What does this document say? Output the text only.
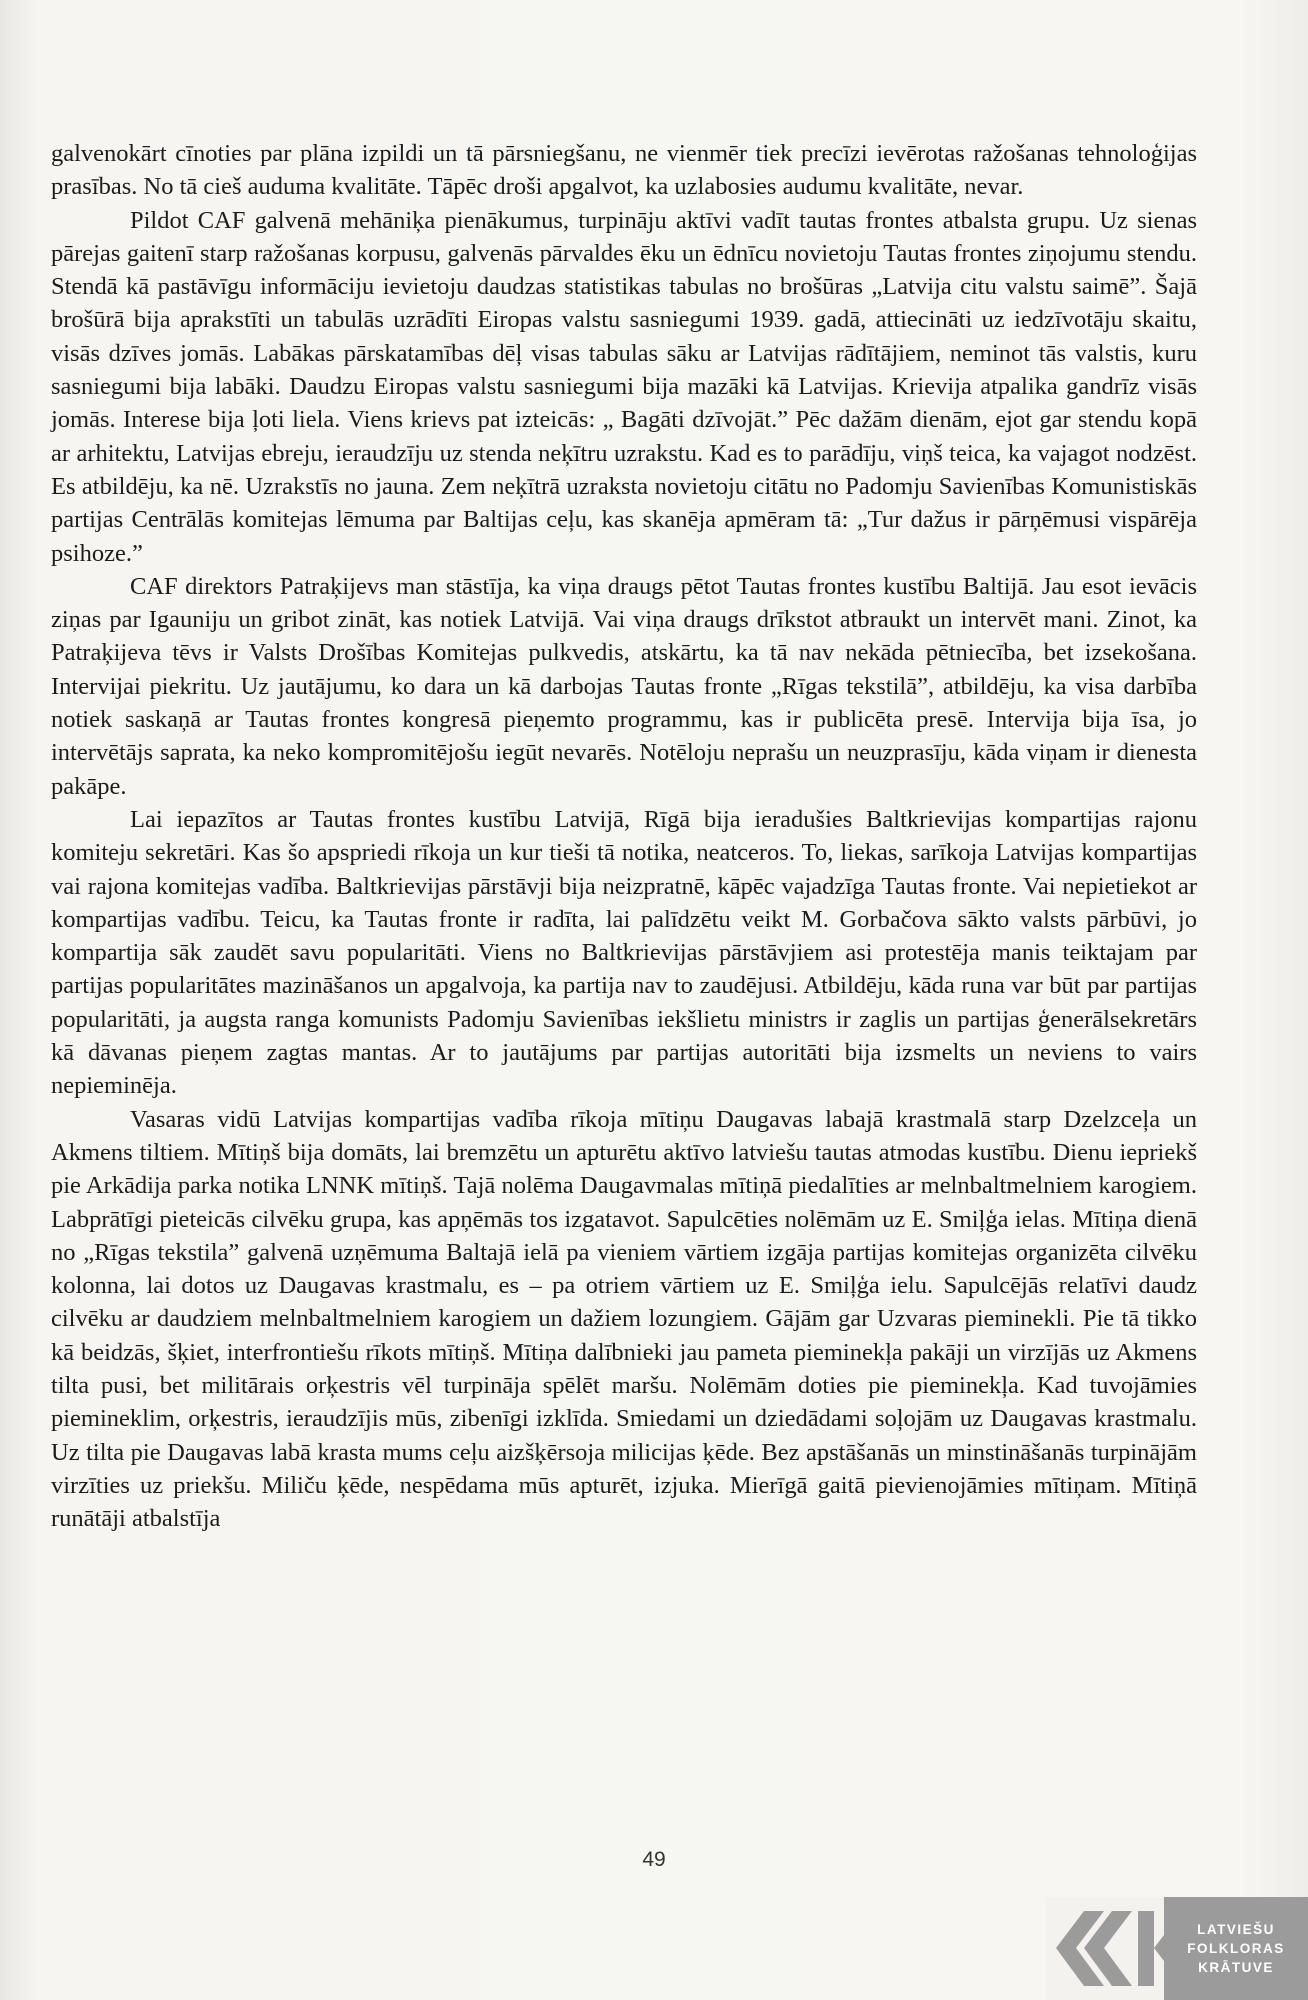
galvenokārt cīnoties par plāna izpildi un tā pārsniegšanu, ne vienmēr tiek precīzi ievērotas ražošanas tehnoloģijas prasības. No tā cieš auduma kvalitāte. Tāpēc droši apgalvot, ka uzlabosies audumu kvalitāte, nevar.

Pildot CAF galvenā mehāniķa pienākumus, turpināju aktīvi vadīt tautas frontes atbalsta grupu. Uz sienas pārejas gaitenī starp ražošanas korpusu, galvenās pārvaldes ēku un ēdnīcu novietoju Tautas frontes ziņojumu stendu. Stendā kā pastāvīgu informāciju ievietoju daudzas statistikas tabulas no brošūras „Latvija citu valstu saimē”. Šajā brošūrā bija aprakstīti un tabulās uzrādīti Eiropas valstu sasniegumi 1939. gadā, attiecināti uz iedzīvotāju skaitu, visās dzīves jomās. Labākas pārskatamības dēļ visas tabulas sāku ar Latvijas rādītājiem, neminot tās valstis, kuru sasniegumi bija labāki. Daudzu Eiropas valstu sasniegumi bija mazāki kā Latvijas. Krievija atpalika gandrīz visās jomās. Interese bija ļoti liela. Viens krievs pat izteicās: „ Bagāti dzīvojāt.” Pēc dažām dienām, ejot gar stendu kopā ar arhitektu, Latvijas ebreju, ieraudzīju uz stenda neķītru uzrakstu. Kad es to parādīju, viņš teica, ka vajagot nodzēst. Es atbildēju, ka nē. Uzrakstīs no jauna. Zem neķītrā uzraksta novietoju citātu no Padomju Savienības Komunistiskās partijas Centrālās komitejas lēmuma par Baltijas ceļu, kas skanēja apmēram tā: „Tur dažus ir pārņēmusi vispārēja psihoze.”

CAF direktors Patraķijevs man stāstīja, ka viņa draugs pētot Tautas frontes kustību Baltijā. Jau esot ievācis ziņas par Igauniju un gribot zināt, kas notiek Latvijā. Vai viņa draugs drīkstot atbraukt un intervēt mani. Zinot, ka Patraķijeva tēvs ir Valsts Drošības Komitejas pulkvedis, atskārtu, ka tā nav nekāda pētniecība, bet izsekošana. Intervijai piekritu. Uz jautājumu, ko dara un kā darbojas Tautas fronte „Rīgas tekstilā”, atbildēju, ka visa darbība notiek saskaņā ar Tautas frontes kongresā pieņemto programmu, kas ir publicēta presē. Intervija bija īsa, jo intervētājs saprata, ka neko kompromitējošu iegūt nevarēs. Notēloju neprašu un neuzprasīju, kāda viņam ir dienesta pakāpe.

Lai iepazītos ar Tautas frontes kustību Latvijā, Rīgā bija ieradušies Baltkrievijas kompartijas rajonu komiteju sekretāri. Kas šo apspriedi rīkoja un kur tieši tā notika, neatceros. To, liekas, sarīkoja Latvijas kompartijas vai rajona komitejas vadība. Baltkrievijas pārstāvji bija neizpratnē, kāpēc vajadzīga Tautas fronte. Vai nepietiekot ar kompartijas vadību. Teicu, ka Tautas fronte ir radīta, lai palīdzētu veikt M. Gorbačova sākto valsts pārbūvi, jo kompartija sāk zaudēt savu popularitāti. Viens no Baltkrievijas pārstāvjiem asi protestēja manis teiktajam par partijas popularitātes mazināšanos un apgalvoja, ka partija nav to zaudējusi. Atbildēju, kāda runa var būt par partijas popularitāti, ja augsta ranga komunists Padomju Savienības iekšlietu ministrs ir zaglis un partijas ģenerālsekretārs kā dāvanas pieņem zagtas mantas. Ar to jautājums par partijas autoritāti bija izsmelts un neviens to vairs nepieminēja.

Vasaras vidū Latvijas kompartijas vadība rīkoja mītiņu Daugavas labajā krastmalā starp Dzelzceļa un Akmens tiltiem. Mītiņš bija domāts, lai bremzētu un apturētu aktīvo latviešu tautas atmodas kustību. Dienu iepriekš pie Arkādija parka notika LNNK mītiņš. Tajā nolēma Daugavmalas mītiņā piedalīties ar melnbaltmelniem karogiem. Labprātīgi pieteicās cilvēku grupa, kas apņēmās tos izgatavot. Sapulcēties nolēmām uz E. Smiļģa ielas. Mītiņa dienā no „Rīgas tekstila” galvenā uzņēmuma Baltajā ielā pa vieniem vārtiem izgāja partijas komitejas organizēta cilvēku kolonna, lai dotos uz Daugavas krastmalu, es – pa otriem vārtiem uz E. Smiļģa ielu. Sapulcējās relatīvi daudz cilvēku ar daudziem melnbaltmelniem karogiem un dažiem lozungiem. Gājām gar Uzvaras pieminekli. Pie tā tikko kā beidzās, šķiet, interfrontiešu rīkots mītiņš. Mītiņa dalībnieki jau pameta pieminekļa pakāji un virzījās uz Akmens tilta pusi, bet militārais orķestris vēl turpināja spēlēt maršu. Nolēmām doties pie pieminekļa. Kad tuvojāmies piemineklim, orķestris, ieraudzījis mūs, zibenīgi izklīda. Smiedami un dziedādami soļojām uz Daugavas krastmalu. Uz tilta pie Daugavas labā krasta mums ceļu aizšķērsoja milicijas ķēde. Bez apstāšanās un minstināšanās turpinājām virzīties uz priekšu. Miliču ķēde, nespēdama mūs apturēt, izjuka. Mierīgā gaitā pievienojāmies mītiņam. Mītiņā runātāji atbalstīja

49
LATVIEŠU
FOLKLORAS
KRĀTUVE
